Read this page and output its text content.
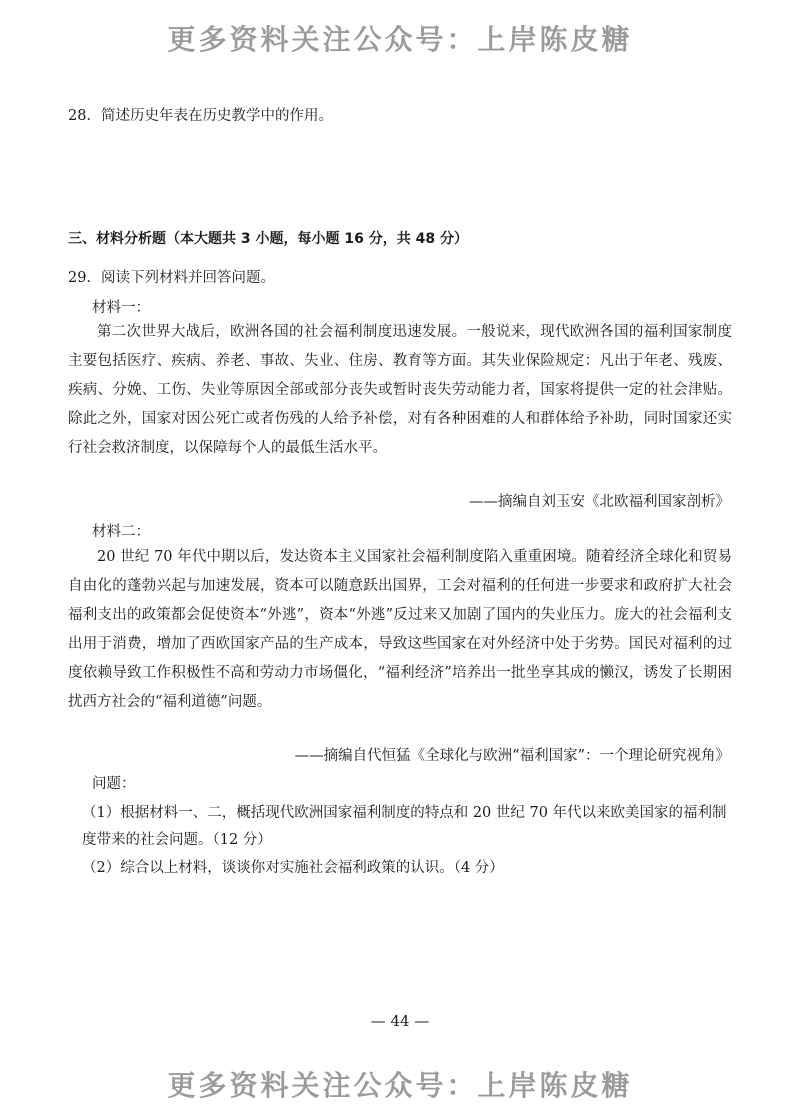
更多资料关注公众号：上岸陈皮糖
28．简述历史年表在历史教学中的作用。
三、材料分析题（本大题共 3 小题，每小题 16 分，共 48 分）
29．阅读下列材料并回答问题。
材料一：
第二次世界大战后，欧洲各国的社会福利制度迅速发展。一般说来，现代欧洲各国的福利国家制度主要包括医疗、疾病、养老、事故、失业、住房、教育等方面。其失业保险规定：凡出于年老、残废、疾病、分娩、工伤、失业等原因全部或部分丧失或暂时丧失劳动能力者，国家将提供一定的社会津贴。除此之外，国家对因公死亡或者伤残的人给予补偿，对有各种困难的人和群体给予补助，同时国家还实行社会救济制度，以保障每个人的最低生活水平。
——摘编自刘玉安《北欧福利国家剖析》
材料二：
20 世纪 70 年代中期以后，发达资本主义国家社会福利制度陷入重重困境。随着经济全球化和贸易自由化的蓬勃兴起与加速发展，资本可以随意跃出国界，工会对福利的任何进一步要求和政府扩大社会福利支出的政策都会促使资本“外逃”，资本“外逃”反过来又加剧了国内的失业压力。庞大的社会福利支出用于消费，增加了西欧国家产品的生产成本，导致这些国家在对外经济中处于劣势。国民对福利的过度依赖导致工作积极性不高和劳动力市场僵化，“福利经济”培养出一批坐享其成的懒汉，诱发了长期困扰西方社会的“福利道德”问题。
——摘编自代恒猛《全球化与欧洲“福利国家”：一个理论研究视角》
问题：
（1）根据材料一、二，概括现代欧洲国家福利制度的特点和 20 世纪 70 年代以来欧美国家的福利制度带来的社会问题。（12 分）
（2）综合以上材料，谈谈你对实施社会福利政策的认识。（4 分）
— 44 —
更多资料关注公众号：上岸陈皮糖
